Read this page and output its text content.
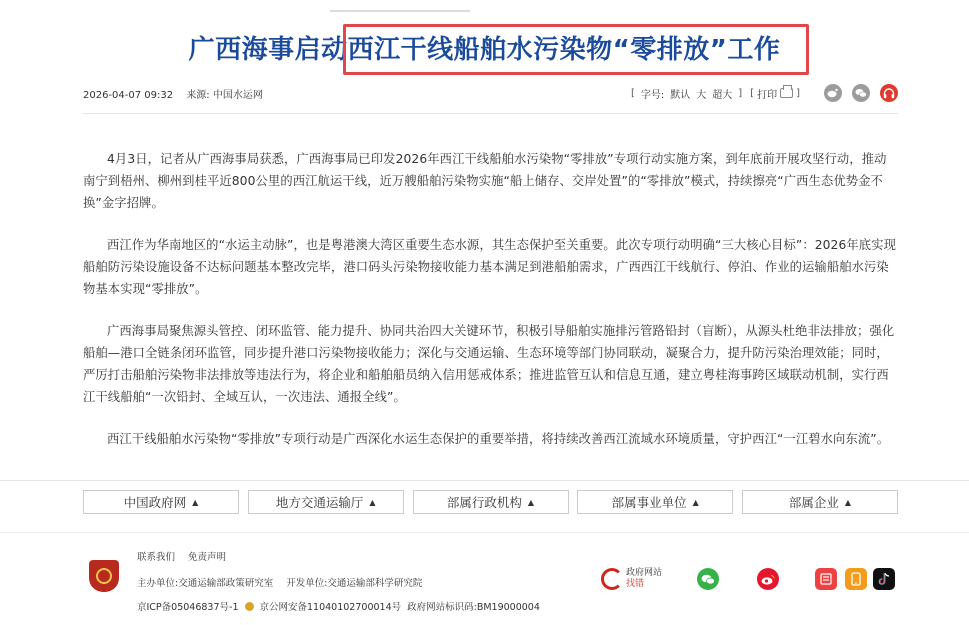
广西海事启动西江干线船舶水污染物“零排放”工作
2026-04-07 09:32 来源: 中国水运网	[ 字号: 默认 大 超大 ] [ 打印 ]

4月3日，记者从广西海事局获悉，广西海事局已印发2026年西江干线船舶水污染物“零排放”专项行动实施方案，到年底前开展攻坚行动，推动南宁到梧州、柳州到桂平近800公里的西江航运干线，近万艘船舶污染物实施“船上储存、交岸处置”的“零排放”模式，持续擦亮“广西生态优势金不换”金字招牌。

西江作为华南地区的“水运主动脉”，也是粤港澳大湾区重要生态水源，其生态保护至关重要。此次专项行动明确“三大核心目标”：2026年底实现船舶防污染设施设备不达标问题基本整改完毕，港口码头污染物接收能力基本满足到港船舶需求，广西西江干线航行、停泊、作业的运输船舶水污染物基本实现“零排放”。

广西海事局聚焦源头管控、闭环监管、能力提升、协同共治四大关键环节，积极引导船舶实施排污管路铅封（盲断），从源头杜绝非法排放；强化船舶—港口全链条闭环监管，同步提升港口污染物接收能力；深化与交通运输、生态环境等部门协同联动，凝聚合力，提升防污染治理效能；同时，严厉打击船舶污染物非法排放等违法行为，将企业和船舶船员纳入信用惩戒体系；推进监管互认和信息互通，建立粤桂海事跨区域联动机制，实行西江干线船舶“一次铅封、全域互认，一次违法、通报全线”。

西江干线船舶水污染物“零排放”专项行动是广西深化水运生态保护的重要举措，将持续改善西江流域水环境质量，守护西江“一江碧水向东流”。

中国政府网 ▲	地方交通运输厅 ▲	部属行政机构 ▲	部属事业单位 ▲	部属企业 ▲
联系我们 免责声明
主办单位:交通运输部政策研究室 开发单位:交通运输部科学研究院
京ICP备05046837号-1 京公网安备11040102700014号 政府网站标识码:BM19000004
政府网站
找错
